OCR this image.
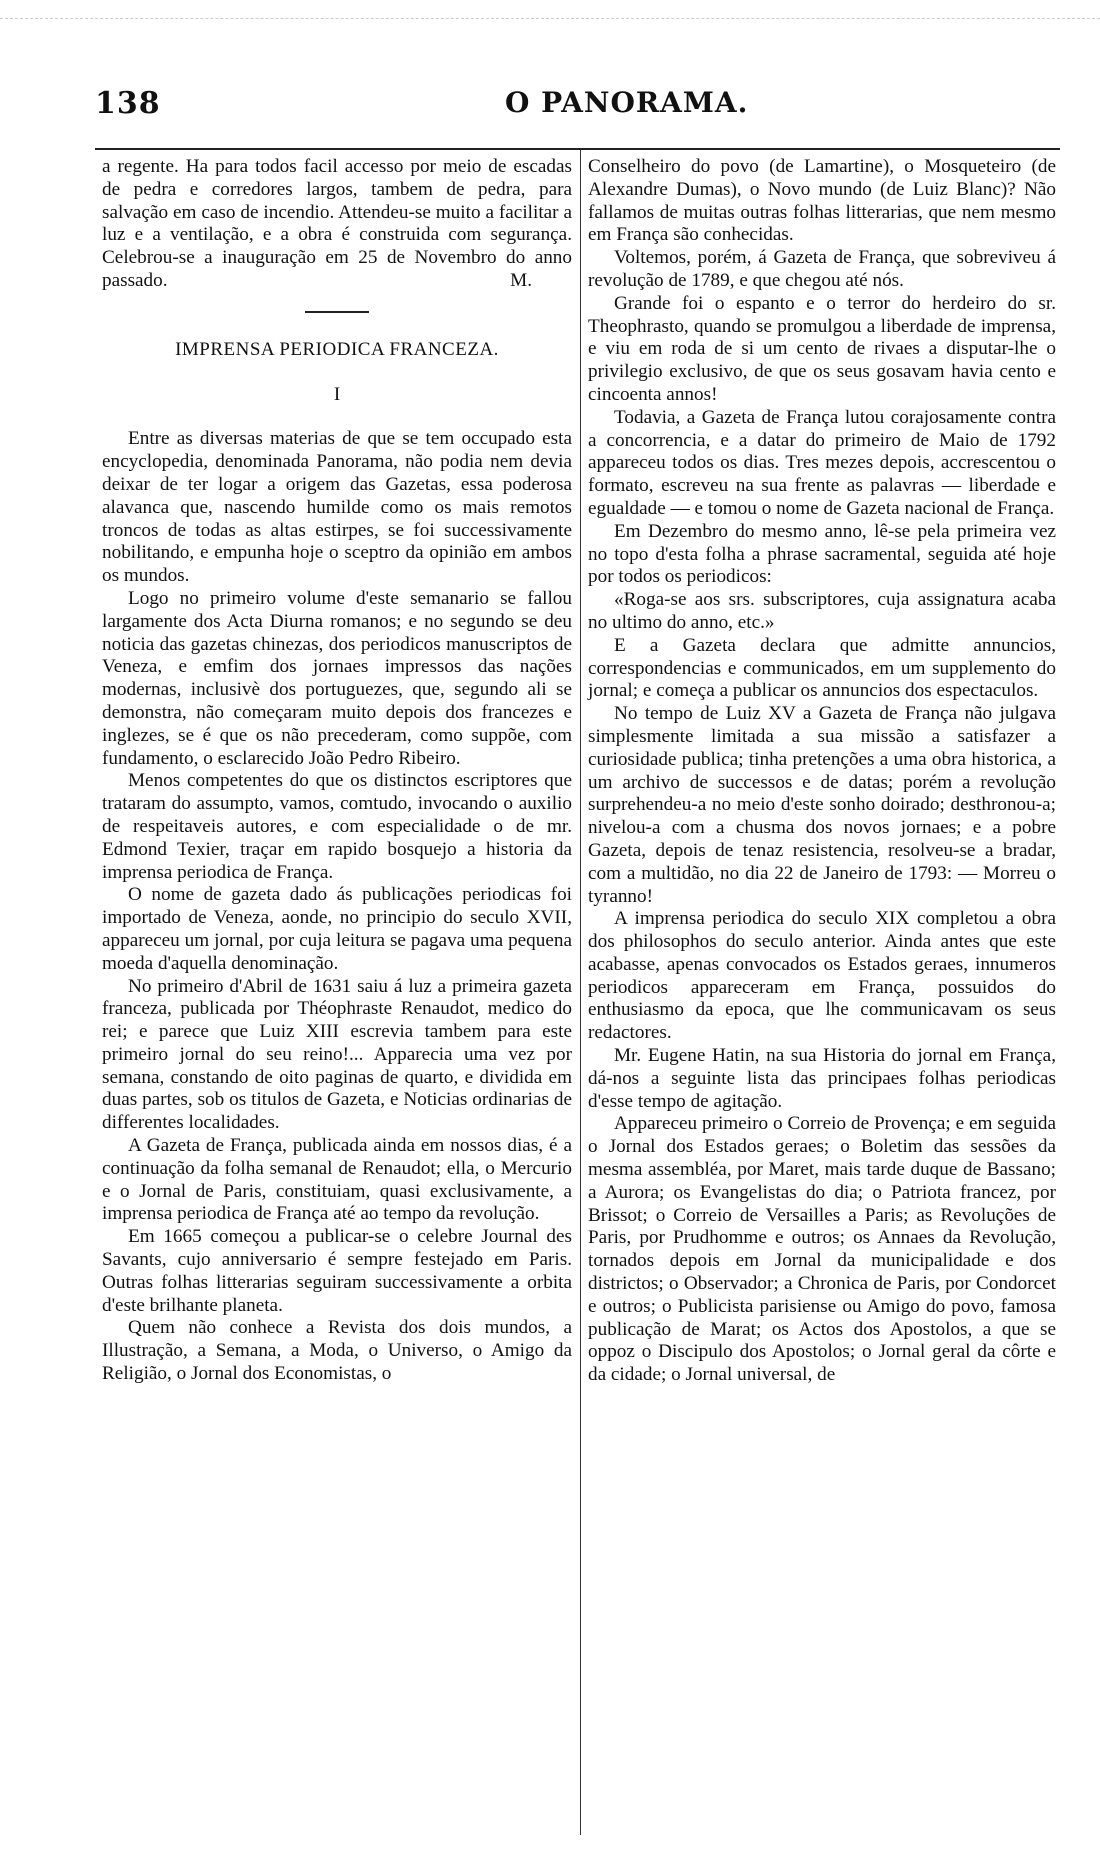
138	O PANORAMA.

a regente. Ha para todos facil accesso por meio de escadas de pedra e corredores largos, tambem de pedra, para salvação em caso de incendio. Attendeu-se muito a facilitar a luz e a ventilação, e a obra é construida com segurança. Celebrou-se a inauguração em 25 de Novembro do anno passado.	M.

IMPRENSA PERIODICA FRANCEZA.
I

Entre as diversas materias de que se tem occupado esta encyclopedia, denominada Panorama, não podia nem devia deixar de ter logar a origem das Gazetas, essa poderosa alavanca que, nascendo humilde como os mais remotos troncos de todas as altas estirpes, se foi successivamente nobilitando, e empunha hoje o sceptro da opinião em ambos os mundos.

Logo no primeiro volume d'este semanario se fallou largamente dos Acta Diurna romanos; e no segundo se deu noticia das gazetas chinezas, dos periodicos manuscriptos de Veneza, e emfim dos jornaes impressos das nações modernas, inclusivè dos portuguezes, que, segundo ali se demonstra, não começaram muito depois dos francezes e inglezes, se é que os não precederam, como suppõe, com fundamento, o esclarecido João Pedro Ribeiro.

Menos competentes do que os distinctos escriptores que trataram do assumpto, vamos, comtudo, invocando o auxilio de respeitaveis autores, e com especialidade o de mr. Edmond Texier, traçar em rapido bosquejo a historia da imprensa periodica de França.

O nome de gazeta dado ás publicações periodicas foi importado de Veneza, aonde, no principio do seculo XVII, appareceu um jornal, por cuja leitura se pagava uma pequena moeda d'aquella denominação.

No primeiro d'Abril de 1631 saiu á luz a primeira gazeta franceza, publicada por Théophraste Renaudot, medico do rei; e parece que Luiz XIII escrevia tambem para este primeiro jornal do seu reino!... Apparecia uma vez por semana, constando de oito paginas de quarto, e dividida em duas partes, sob os titulos de Gazeta, e Noticias ordinarias de differentes localidades.

A Gazeta de França, publicada ainda em nossos dias, é a continuação da folha semanal de Renaudot; ella, o Mercurio e o Jornal de Paris, constituiam, quasi exclusivamente, a imprensa periodica de França até ao tempo da revolução.

Em 1665 começou a publicar-se o celebre Journal des Savants, cujo anniversario é sempre festejado em Paris. Outras folhas litterarias seguiram successivamente a orbita d'este brilhante planeta.

Quem não conhece a Revista dos dois mundos, a Illustração, a Semana, a Moda, o Universo, o Amigo da Religião, o Jornal dos Economistas, o

Conselheiro do povo (de Lamartine), o Mosqueteiro (de Alexandre Dumas), o Novo mundo (de Luiz Blanc)? Não fallamos de muitas outras folhas litterarias, que nem mesmo em França são conhecidas.

Voltemos, porém, á Gazeta de França, que sobreviveu á revolução de 1789, e que chegou até nós.

Grande foi o espanto e o terror do herdeiro do sr. Theophrasto, quando se promulgou a liberdade de imprensa, e viu em roda de si um cento de rivaes a disputar-lhe o privilegio exclusivo, de que os seus gosavam havia cento e cincoenta annos!

Todavia, a Gazeta de França lutou corajosamente contra a concorrencia, e a datar do primeiro de Maio de 1792 appareceu todos os dias. Tres mezes depois, accrescentou o formato, escreveu na sua frente as palavras — liberdade e egualdade — e tomou o nome de Gazeta nacional de França.

Em Dezembro do mesmo anno, lê-se pela primeira vez no topo d'esta folha a phrase sacramental, seguida até hoje por todos os periodicos:

«Roga-se aos srs. subscriptores, cuja assignatura acaba no ultimo do anno, etc.»

E a Gazeta declara que admitte annuncios, correspondencias e communicados, em um supplemento do jornal; e começa a publicar os annuncios dos espectaculos.

No tempo de Luiz XV a Gazeta de França não julgava simplesmente limitada a sua missão a satisfazer a curiosidade publica; tinha pretenções a uma obra historica, a um archivo de successos e de datas; porém a revolução surprehendeu-a no meio d'este sonho doirado; desthronou-a; nivelou-a com a chusma dos novos jornaes; e a pobre Gazeta, depois de tenaz resistencia, resolveu-se a bradar, com a multidão, no dia 22 de Janeiro de 1793: — Morreu o tyranno!

A imprensa periodica do seculo XIX completou a obra dos philosophos do seculo anterior. Ainda antes que este acabasse, apenas convocados os Estados geraes, innumeros periodicos appareceram em França, possuidos do enthusiasmo da epoca, que lhe communicavam os seus redactores.

Mr. Eugene Hatin, na sua Historia do jornal em França, dá-nos a seguinte lista das principaes folhas periodicas d'esse tempo de agitação.

Appareceu primeiro o Correio de Provença; e em seguida o Jornal dos Estados geraes; o Boletim das sessões da mesma assembléa, por Maret, mais tarde duque de Bassano; a Aurora; os Evangelistas do dia; o Patriota francez, por Brissot; o Correio de Versailles a Paris; as Revoluções de Paris, por Prudhomme e outros; os Annaes da Revolução, tornados depois em Jornal da municipalidade e dos districtos; o Observador; a Chronica de Paris, por Condorcet e outros; o Publicista parisiense ou Amigo do povo, famosa publicação de Marat; os Actos dos Apostolos, a que se oppoz o Discipulo dos Apostolos; o Jornal geral da côrte e da cidade; o Jornal universal, de
